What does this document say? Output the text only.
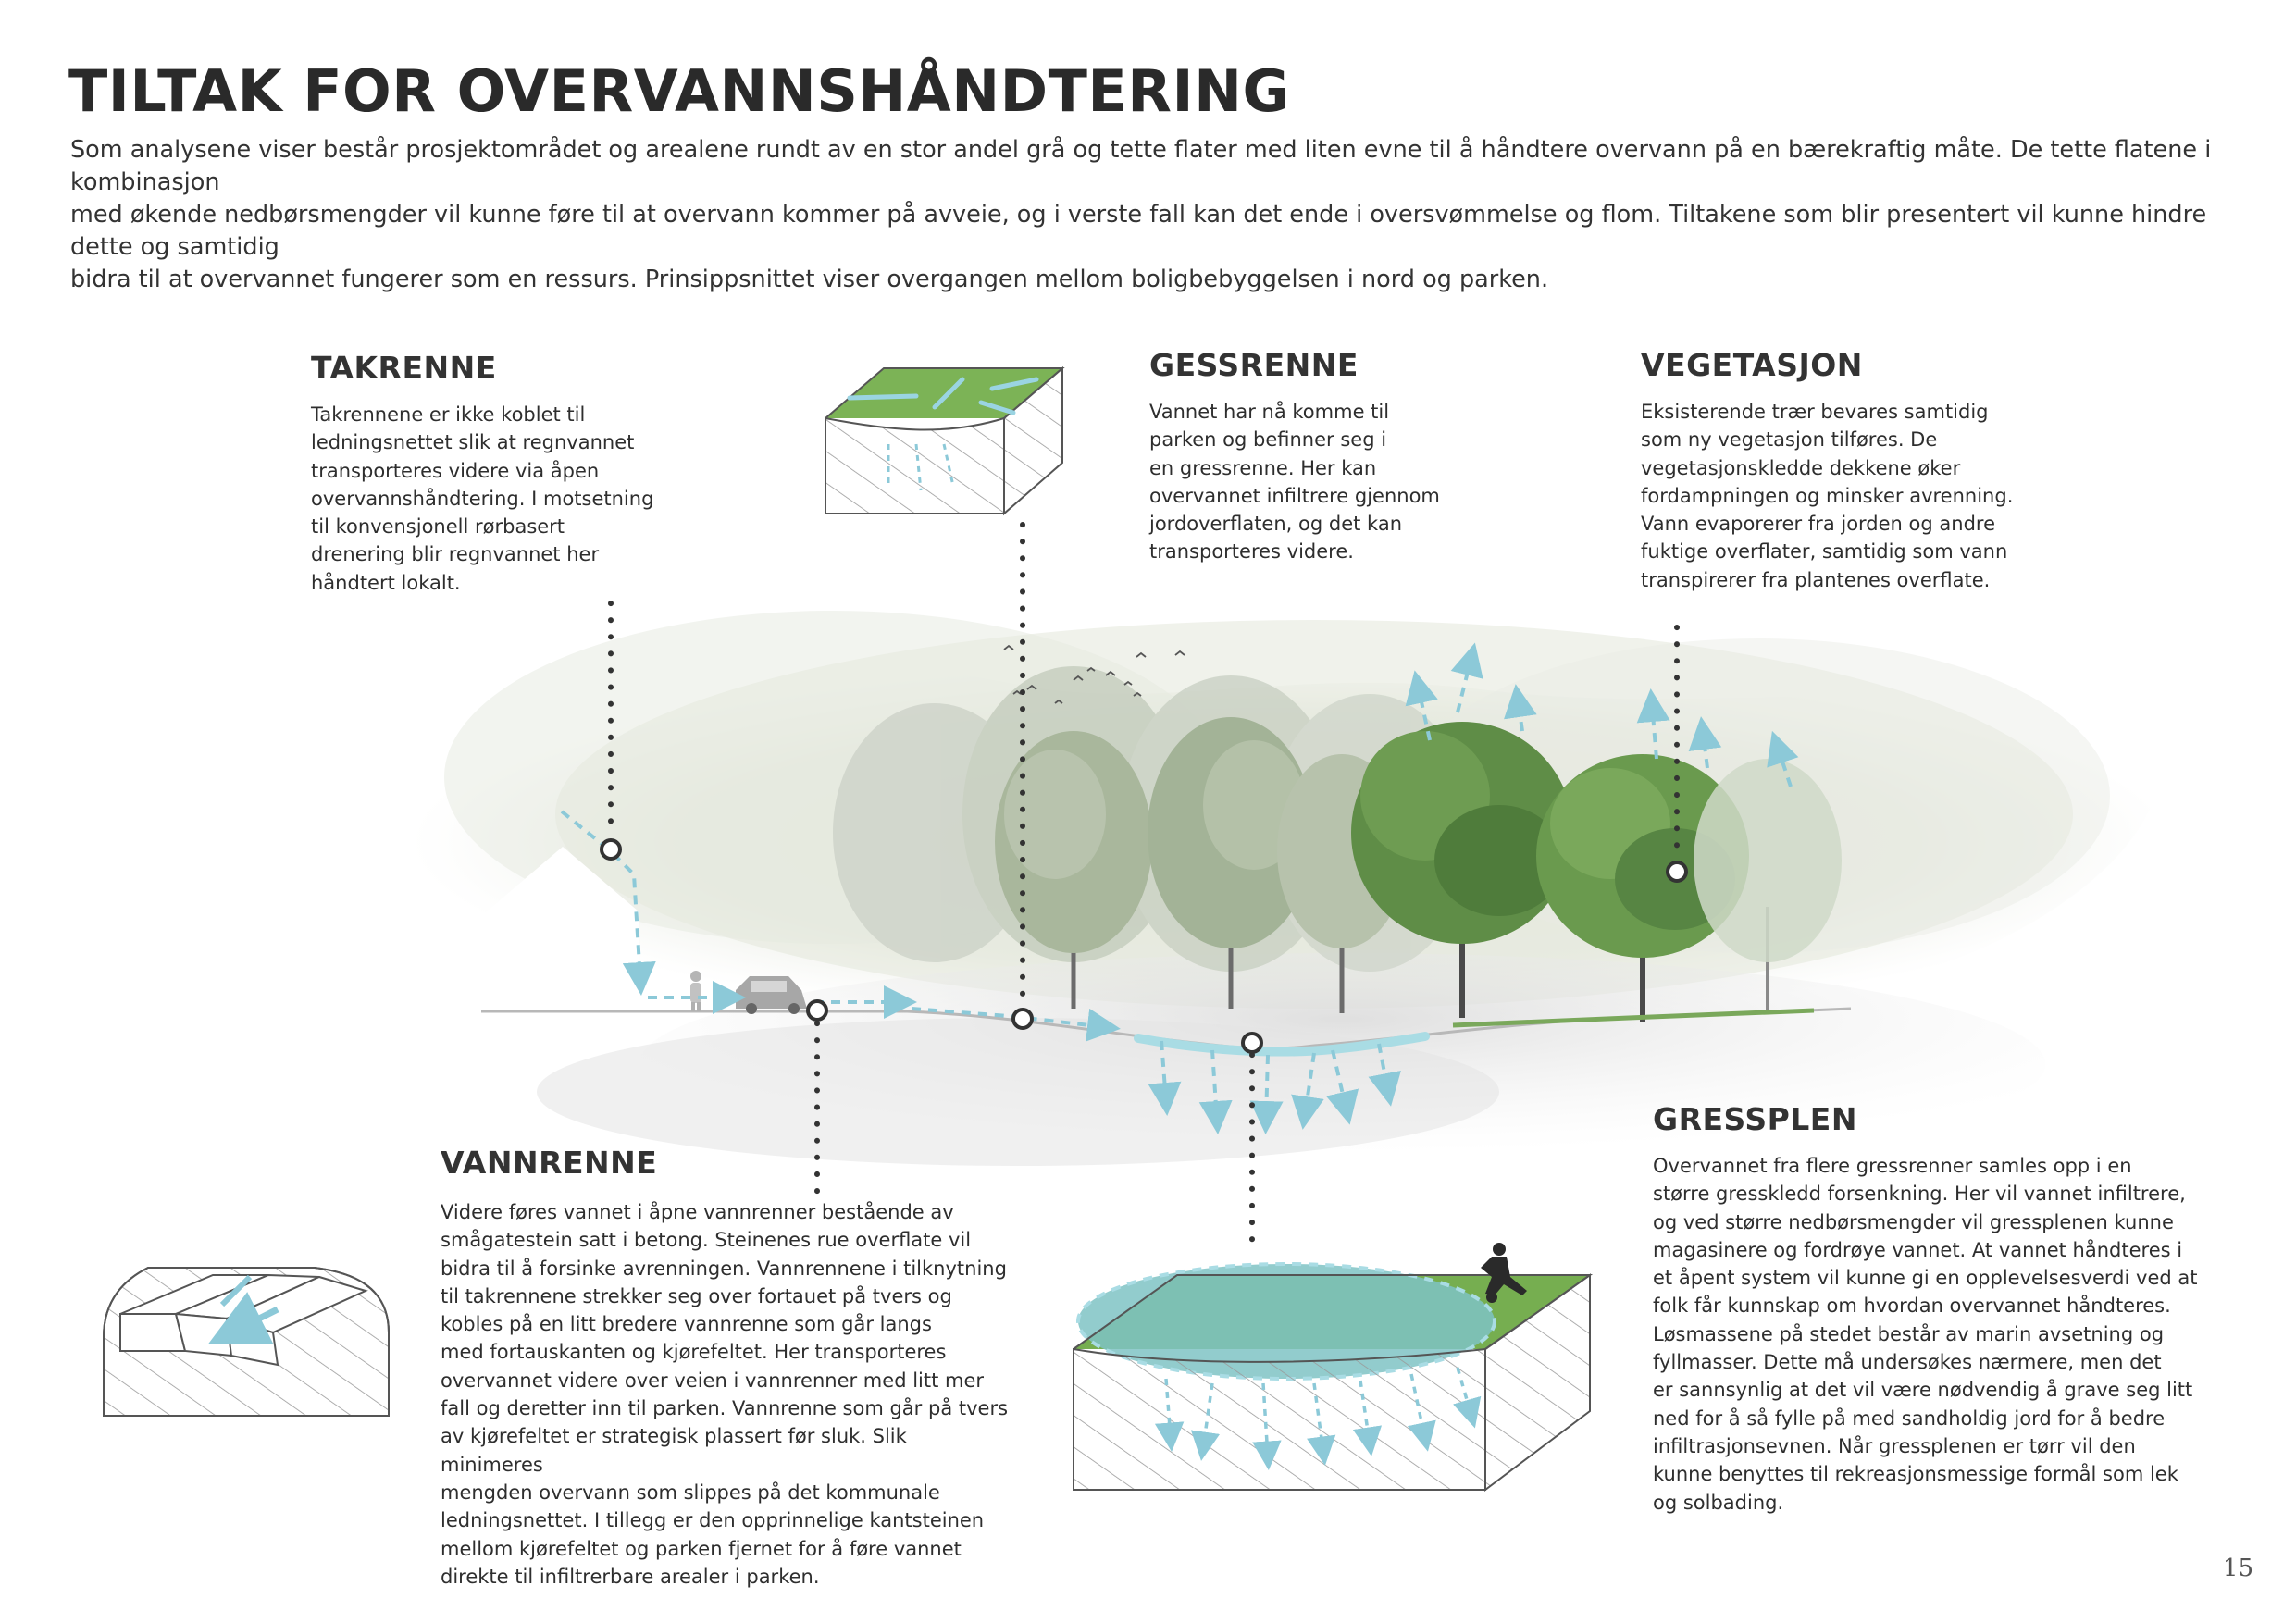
TILTAK FOR OVERVANNSHÅNDTERING

Som analysene viser består prosjektområdet og arealene rundt av en stor andel grå og tette flater med liten evne til å håndtere overvann på en bærekraftig måte. De tette flatene i kombinasjon

med økende nedbørsmengder vil kunne føre til at overvann kommer på avveie, og i verste fall kan det ende i oversvømmelse og flom. Tiltakene som blir presentert vil kunne hindre dette og samtidig

bidra til at overvannet fungerer som en ressurs. Prinsippsnittet viser overgangen mellom boligbebyggelsen i nord og parken.

TAKRENNE

Takrennene er ikke koblet til

ledningsnettet slik at regnvannet

transporteres videre via åpen

overvannshåndtering. I motsetning

til konvensjonell rørbasert

drenering blir regnvannet her

håndtert lokalt.

GESSRENNE

Vannet har nå komme til

parken og befinner seg i

en gressrenne. Her kan

overvannet infiltrere gjennom

jordoverflaten, og det kan

transporteres videre.

VEGETASJON

Eksisterende trær bevares samtidig

som ny vegetasjon tilføres. De

vegetasjonskledde dekkene øker

fordampningen og minsker avrenning.

Vann evaporerer fra jorden og andre

fuktige overflater, samtidig som vann

transpirerer fra plantenes overflate.

VANNRENNE

Videre føres vannet i åpne vannrenner bestående av

smågatestein satt i betong. Steinenes rue overflate vil

bidra til å forsinke avrenningen. Vannrennene i tilknytning

til takrennene strekker seg over fortauet på tvers og

kobles på en litt bredere vannrenne som går langs

med fortauskanten og kjørefeltet. Her transporteres

overvannet videre over veien i vannrenner med litt mer

fall og deretter inn til parken. Vannrenne som går på tvers

av kjørefeltet er strategisk plassert før sluk. Slik minimeres

mengden overvann som slippes på det kommunale

ledningsnettet. I tillegg er den opprinnelige kantsteinen

mellom kjørefeltet og parken fjernet for å føre vannet

direkte til infiltrerbare arealer i parken.

GRESSPLEN

Overvannet fra flere gressrenner samles opp i en

større gresskledd forsenkning. Her vil vannet infiltrere,

og ved større nedbørsmengder vil gressplenen kunne

magasinere og fordrøye vannet. At vannet håndteres i

et åpent system vil kunne gi en opplevelsesverdi ved at

folk får kunnskap om hvordan overvannet håndteres.

Løsmassene på stedet består av marin avsetning og

fyllmasser. Dette må undersøkes nærmere, men det

er sannsynlig at det vil være nødvendig å grave seg litt

ned for å så fylle på med sandholdig jord for å bedre

infiltrasjonsevnen. Når gressplenen er tørr vil den

kunne benyttes til rekreasjonsmessige formål som lek

og solbading.

15
